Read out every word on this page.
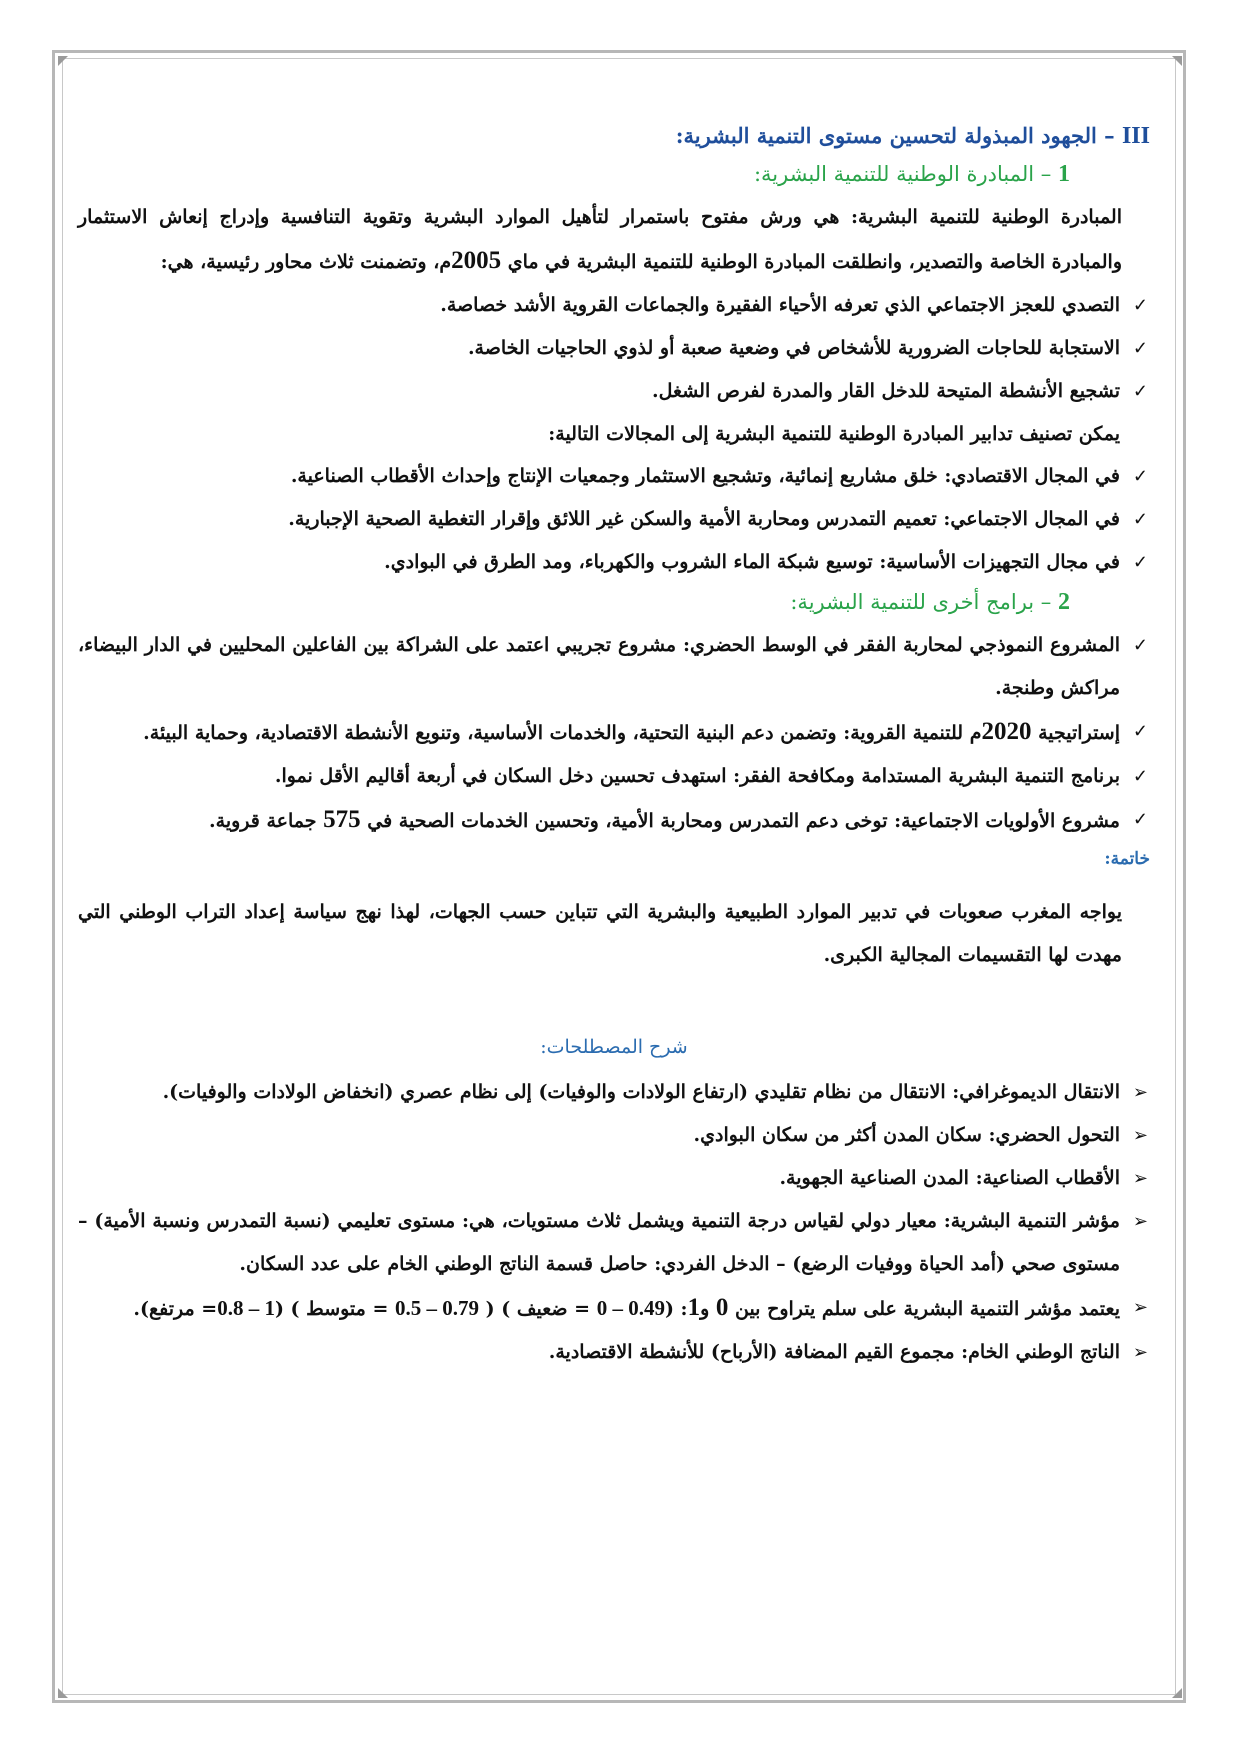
III – الجهود المبذولة لتحسين مستوى التنمية البشرية:
1 – المبادرة الوطنية للتنمية البشرية:

المبادرة الوطنية للتنمية البشرية: هي ورش مفتوح باستمرار لتأهيل الموارد البشرية وتقوية التنافسية وإدراج إنعاش الاستثمار والمبادرة الخاصة والتصدير، وانطلقت المبادرة الوطنية للتنمية البشرية في ماي 2005م، وتضمنت ثلاث محاور رئيسية، هي:

✓
التصدي للعجز الاجتماعي الذي تعرفه الأحياء الفقيرة والجماعات القروية الأشد خصاصة.
✓
الاستجابة للحاجات الضرورية للأشخاص في وضعية صعبة أو لذوي الحاجيات الخاصة.
✓
تشجيع الأنشطة المتيحة للدخل القار والمدرة لفرص الشغل.
يمكن تصنيف تدابير المبادرة الوطنية للتنمية البشرية إلى المجالات التالية:
✓
في المجال الاقتصادي: خلق مشاريع إنمائية، وتشجيع الاستثمار وجمعيات الإنتاج وإحداث الأقطاب الصناعية.
✓
في المجال الاجتماعي: تعميم التمدرس ومحاربة الأمية والسكن غير اللائق وإقرار التغطية الصحية الإجبارية.
✓
في مجال التجهيزات الأساسية: توسيع شبكة الماء الشروب والكهرباء، ومد الطرق في البوادي.
2 – برامج أخرى للتنمية البشرية:
✓
المشروع النموذجي لمحاربة الفقر في الوسط الحضري: مشروع تجريبي اعتمد على الشراكة بين الفاعلين المحليين في الدار البيضاء، مراكش وطنجة.
✓
إستراتيجية 2020م للتنمية القروية: وتضمن دعم البنية التحتية، والخدمات الأساسية، وتنويع الأنشطة الاقتصادية، وحماية البيئة.
✓
برنامج التنمية البشرية المستدامة ومكافحة الفقر: استهدف تحسين دخل السكان في أربعة أقاليم الأقل نموا.
✓
مشروع الأولويات الاجتماعية: توخى دعم التمدرس ومحاربة الأمية، وتحسين الخدمات الصحية في 575 جماعة قروية.
خاتمة:

يواجه المغرب صعوبات في تدبير الموارد الطبيعية والبشرية التي تتباين حسب الجهات، لهذا نهج سياسة إعداد التراب الوطني التي مهدت لها التقسيمات المجالية الكبرى.

شرح المصطلحات:
➢
الانتقال الديموغرافي: الانتقال من نظام تقليدي (ارتفاع الولادات والوفيات) إلى نظام عصري (انخفاض الولادات والوفيات).
➢
التحول الحضري: سكان المدن أكثر من سكان البوادي.
➢
الأقطاب الصناعية: المدن الصناعية الجهوية.
➢
مؤشر التنمية البشرية: معيار دولي لقياس درجة التنمية ويشمل ثلاث مستويات، هي: مستوى تعليمي (نسبة التمدرس ونسبة الأمية) – مستوى صحي (أمد الحياة ووفيات الرضع) – الدخل الفردي: حاصل قسمة الناتج الوطني الخام على عدد السكان.
➢
يعتمد مؤشر التنمية البشرية على سلم يتراوح بين 0 و1: (0 – 0.49 = ضعيف ) ( 0.5 – 0.79 = متوسط ) (0.8 – 1= مرتفع).
➢
الناتج الوطني الخام: مجموع القيم المضافة (الأرباح) للأنشطة الاقتصادية.
